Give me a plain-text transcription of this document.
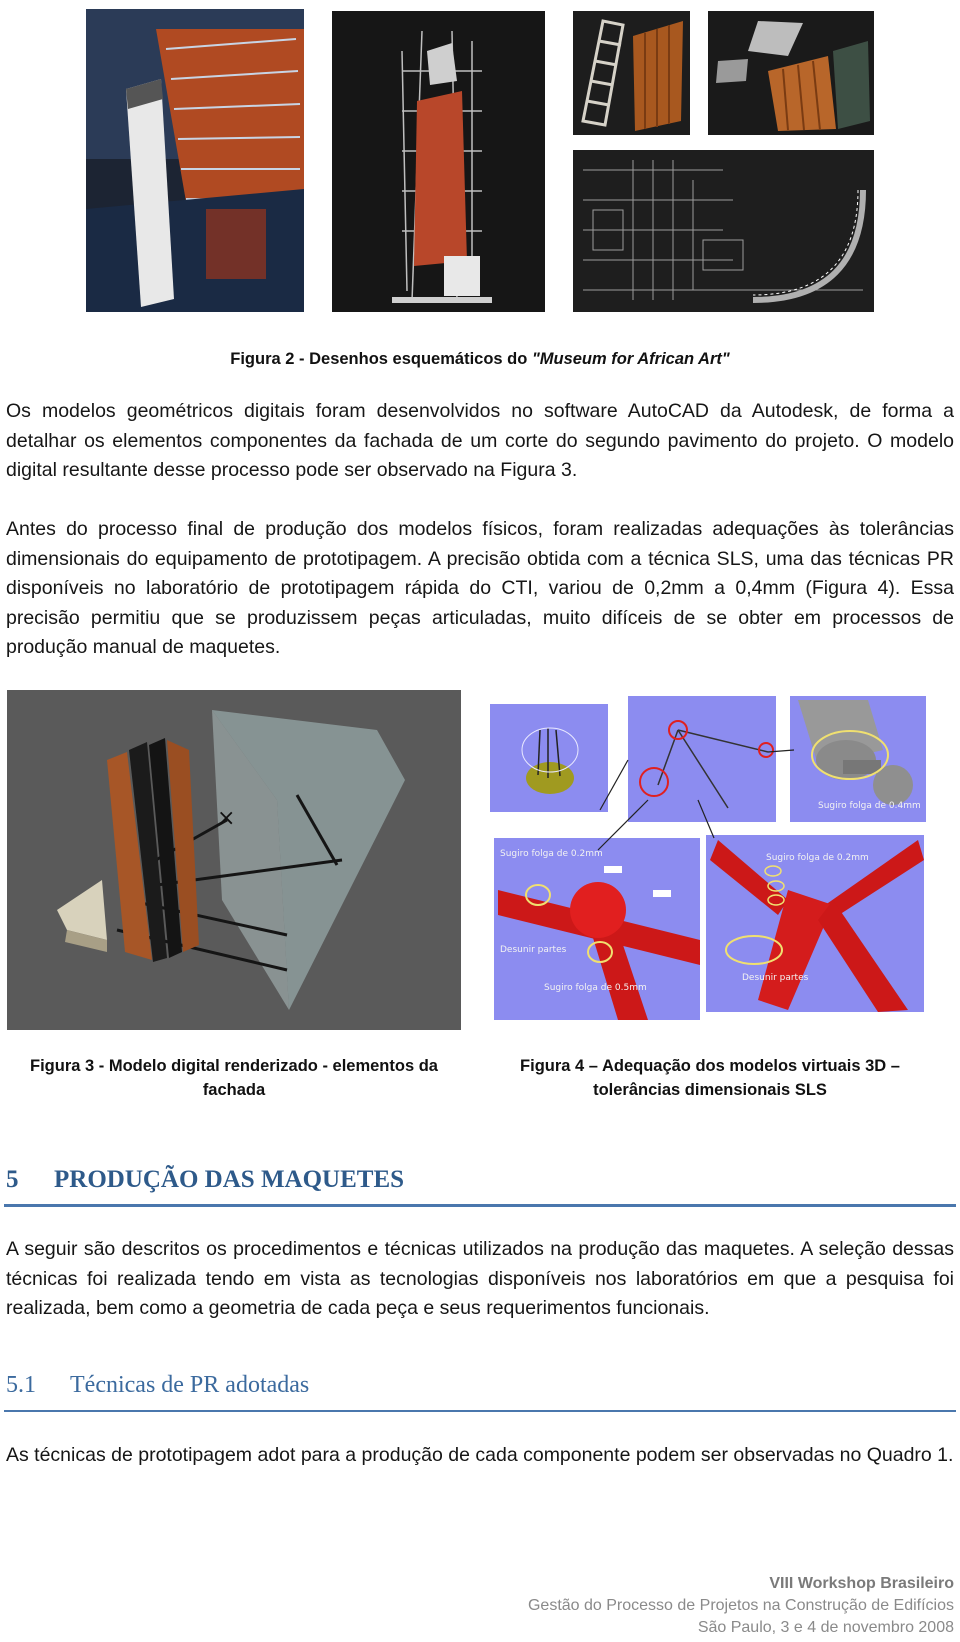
Figura 2 - Desenhos esquemáticos do "Museum for African Art"
Os modelos geométricos digitais foram desenvolvidos no software AutoCAD da Autodesk, de forma a detalhar os elementos componentes da fachada de um corte do segundo pavimento do projeto. O modelo digital resultante desse processo pode ser observado na Figura 3.
Antes do processo final de produção dos modelos físicos, foram realizadas adequações às tolerâncias dimensionais do equipamento de prototipagem. A precisão obtida com a técnica SLS, uma das técnicas PR disponíveis no laboratório de prototipagem rápida do CTI, variou de 0,2mm a 0,4mm (Figura 4). Essa precisão permitiu que se produzissem peças articuladas, muito difíceis de se obter em processos de produção manual de maquetes.
×	Sugiro folga de 0.4mm
Sugiro folga de 0.2mm
Desunir partes
Sugiro folga de 0.5mm
Sugiro folga de 0.2mm
Desunir partes
Figura 3 - Modelo digital renderizado - elementos da
fachada
Figura 4 – Adequação dos modelos virtuais 3D –
tolerâncias dimensionais SLS
5 PRODUÇÃO DAS MAQUETES
A seguir são descritos os procedimentos e técnicas utilizados na produção das maquetes. A seleção dessas técnicas foi realizada tendo em vista as tecnologias disponíveis nos laboratórios em que a pesquisa foi realizada, bem como a geometria de cada peça e seus requerimentos funcionais.
5.1 Técnicas de PR adotadas
As técnicas de prototipagem adot para a produção de cada componente podem ser observadas no Quadro 1.
VIII Workshop Brasileiro
Gestão do Processo de Projetos na Construção de Edifícios
São Paulo, 3 e 4 de novembro 2008
